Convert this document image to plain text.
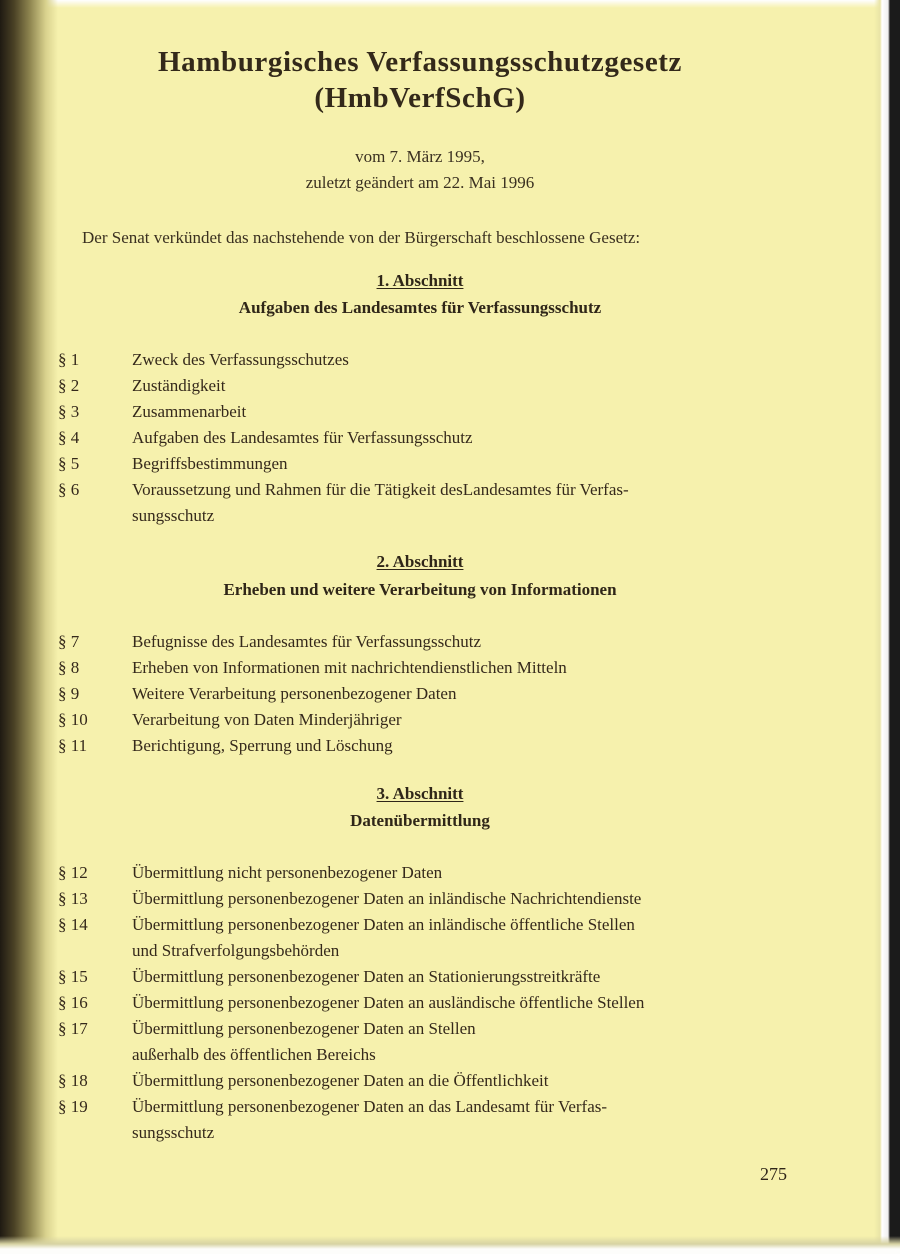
Hamburgisches Verfassungsschutzgesetz
(HmbVerfSchG)
vom 7. März 1995,
zuletzt geändert am 22. Mai 1996
Der Senat verkündet das nachstehende von der Bürgerschaft beschlossene Gesetz:
1. Abschnitt
Aufgaben des Landesamtes für Verfassungsschutz
§ 1	Zweck des Verfassungsschutzes
§ 2	Zuständigkeit
§ 3	Zusammenarbeit
§ 4	Aufgaben des Landesamtes für Verfassungsschutz
§ 5	Begriffsbestimmungen
§ 6	Voraussetzung und Rahmen für die Tätigkeit desLandesamtes für Verfas-
sungsschutz
2. Abschnitt
Erheben und weitere Verarbeitung von Informationen
§ 7	Befugnisse des Landesamtes für Verfassungsschutz
§ 8	Erheben von Informationen mit nachrichtendienstlichen Mitteln
§ 9	Weitere Verarbeitung personenbezogener Daten
§ 10	Verarbeitung von Daten Minderjähriger
§ 11	Berichtigung, Sperrung und Löschung
3. Abschnitt
Datenübermittlung
§ 12	Übermittlung nicht personenbezogener Daten
§ 13	Übermittlung personenbezogener Daten an inländische Nachrichtendienste
§ 14	Übermittlung personenbezogener Daten an inländische öffentliche Stellen
und Strafverfolgungsbehörden
§ 15	Übermittlung personenbezogener Daten an Stationierungsstreitkräfte
§ 16	Übermittlung personenbezogener Daten an ausländische öffentliche Stellen
§ 17	Übermittlung personenbezogener Daten an Stellen
außerhalb des öffentlichen Bereichs
§ 18	Übermittlung personenbezogener Daten an die Öffentlichkeit
§ 19	Übermittlung personenbezogener Daten an das Landesamt für Verfas-
sungsschutz
275
